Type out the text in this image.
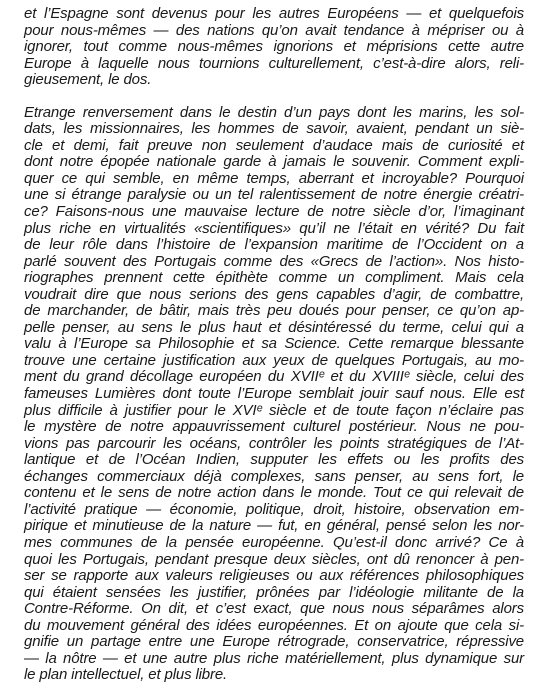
et l’Espagne sont devenus pour les autres Européens — et quelquefois
pour nous-mêmes — des nations qu’on avait tendance à mépriser ou à
ignorer, tout comme nous-mêmes ignorions et méprisions cette autre
Europe à laquelle nous tournions culturellement, c’est-à-dire alors, reli-
gieusement, le dos.

Etrange renversement dans le destin d’un pays dont les marins, les sol-
dats, les missionnaires, les hommes de savoir, avaient, pendant un siè-
cle et demi, fait preuve non seulement d’audace mais de curiosité et
dont notre épopée nationale garde à jamais le souvenir. Comment expli-
quer ce qui semble, en même temps, aberrant et incroyable? Pourquoi
une si étrange paralysie ou un tel ralentissement de notre énergie créatri-
ce? Faisons-nous une mauvaise lecture de notre siècle d’or, l’imaginant
plus riche en virtualités «scientifiques» qu’il ne l’était en vérité? Du fait
de leur rôle dans l’histoire de l’expansion maritime de l’Occident on a
parlé souvent des Portugais comme des «Grecs de l’action». Nos histo-
riographes prennent cette épithète comme un compliment. Mais cela
voudrait dire que nous serions des gens capables d’agir, de combattre,
de marchander, de bâtir, mais très peu doués pour penser, ce qu’on ap-
pelle penser, au sens le plus haut et désintéressé du terme, celui qui a
valu à l’Europe sa Philosophie et sa Science. Cette remarque blessante
trouve une certaine justification aux yeux de quelques Portugais, au mo-
ment du grand décollage européen du XVIIᵉ et du XVIIIᵉ siècle, celui des
fameuses Lumières dont toute l’Europe semblait jouir sauf nous. Elle est
plus difficile à justifier pour le XVIᵉ siècle et de toute façon n’éclaire pas
le mystère de notre appauvrissement culturel postérieur. Nous ne pou-
vions pas parcourir les océans, contrôler les points stratégiques de l’At-
lantique et de l’Océan Indien, supputer les effets ou les profits des
échanges commerciaux déjà complexes, sans penser, au sens fort, le
contenu et le sens de notre action dans le monde. Tout ce qui relevait de
l’activité pratique — économie, politique, droit, histoire, observation em-
pirique et minutieuse de la nature — fut, en général, pensé selon les nor-
mes communes de la pensée européenne. Qu’est-il donc arrivé? Ce à
quoi les Portugais, pendant presque deux siècles, ont dû renoncer à pen-
ser se rapporte aux valeurs religieuses ou aux références philosophiques
qui étaient sensées les justifier, prônées par l’idéologie militante de la
Contre-Réforme. On dit, et c’est exact, que nous nous séparâmes alors
du mouvement général des idées européennes. Et on ajoute que cela si-
gnifie un partage entre une Europe rétrograde, conservatrice, répressive
— la nôtre — et une autre plus riche matériellement, plus dynamique sur
le plan intellectuel, et plus libre.
